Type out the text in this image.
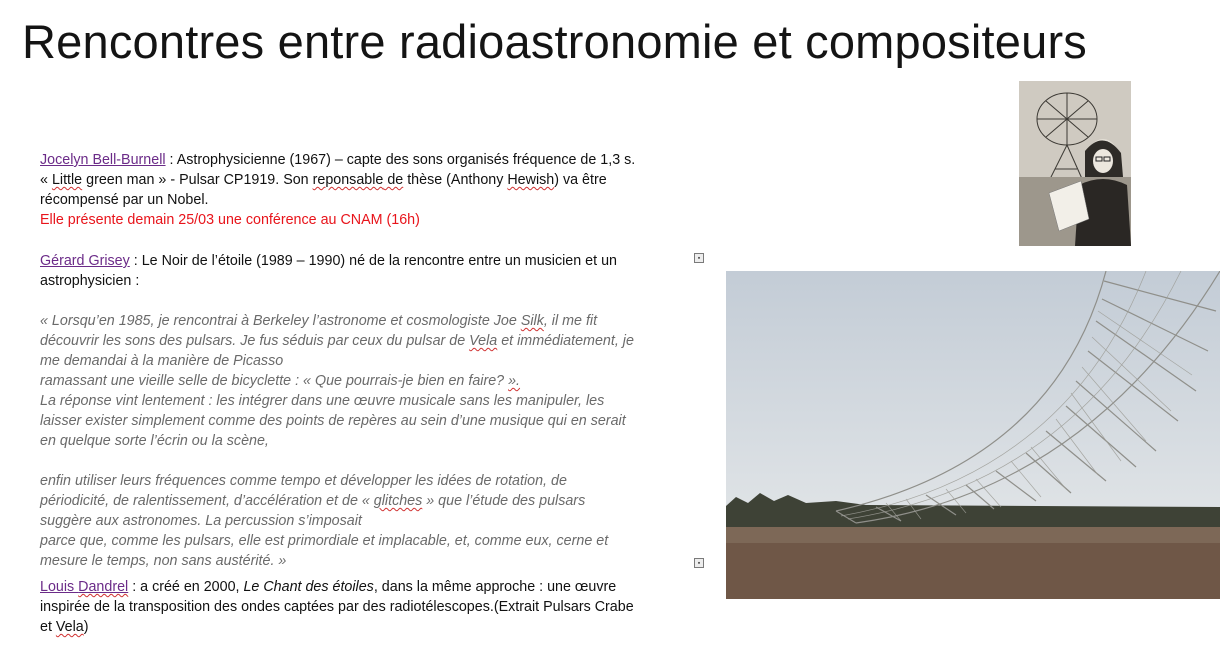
Rencontres entre radioastronomie et compositeurs
Jocelyn Bell-Burnell : Astrophysicienne (1967) – capte des sons organisés fréquence de 1,3 s.
« Little green man » - Pulsar CP1919. Son reponsable de thèse (Anthony Hewish) va être
récompensé par un Nobel.
Elle présente demain 25/03 une conférence au CNAM (16h)
Gérard Grisey : Le Noir de l’étoile (1989 – 1990) né de la rencontre entre un musicien et un
astrophysicien :
« Lorsqu’en 1985, je rencontrai à Berkeley l’astronome et cosmologiste Joe Silk, il me fit
découvrir les sons des pulsars. Je fus séduis par ceux du pulsar de Vela et immédiatement, je
me demandai à la manière de Picasso
ramassant une vieille selle de bicyclette : « Que pourrais-je bien en faire? ».
La réponse vint lentement : les intégrer dans une œuvre musicale sans les manipuler, les
laisser exister simplement comme des points de repères au sein d’une musique qui en serait
en quelque sorte l’écrin ou la scène,
enfin utiliser leurs fréquences comme tempo et développer les idées de rotation, de
périodicité, de ralentissement, d’accélération et de « glitches » que l’étude des pulsars
suggère aux astronomes. La percussion s’imposait
parce que, comme les pulsars, elle est primordiale et implacable, et, comme eux, cerne et
mesure le temps, non sans austérité. »
Louis Dandrel : a créé en 2000, Le Chant des étoiles, dans la même approche : une œuvre
inspirée de la transposition des ondes captées par des radiotélescopes.(Extrait Pulsars Crabe
et Vela)
▪
▪
